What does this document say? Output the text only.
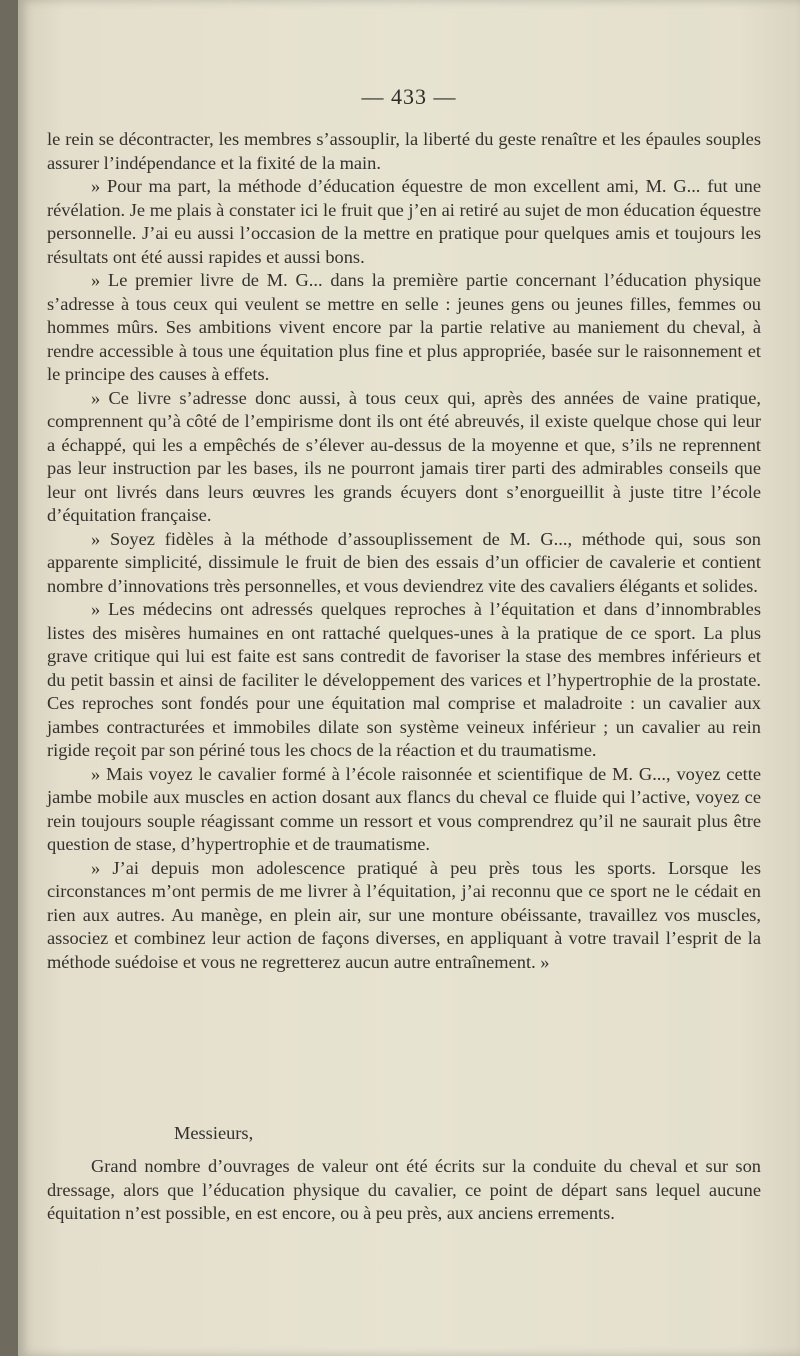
— 433 —

le rein se décontracter, les membres s’assouplir, la liberté du geste renaître et les épaules souples assurer l’indépendance et la fixité de la main.

» Pour ma part, la méthode d’éducation équestre de mon excellent ami, M. G... fut une révélation. Je me plais à constater ici le fruit que j’en ai retiré au sujet de mon éducation équestre personnelle. J’ai eu aussi l’occasion de la mettre en pratique pour quelques amis et toujours les résultats ont été aussi rapides et aussi bons.

» Le premier livre de M. G... dans la première partie concernant l’éducation physique s’adresse à tous ceux qui veulent se mettre en selle : jeunes gens ou jeunes filles, femmes ou hommes mûrs. Ses ambitions vivent encore par la partie relative au maniement du cheval, à rendre accessible à tous une équitation plus fine et plus appropriée, basée sur le raisonnement et le principe des causes à effets.

» Ce livre s’adresse donc aussi, à tous ceux qui, après des années de vaine pratique, comprennent qu’à côté de l’empirisme dont ils ont été abreuvés, il existe quelque chose qui leur a échappé, qui les a empêchés de s’élever au-dessus de la moyenne et que, s’ils ne reprennent pas leur instruction par les bases, ils ne pourront jamais tirer parti des admirables conseils que leur ont livrés dans leurs œuvres les grands écuyers dont s’enorgueillit à juste titre l’école d’équitation française.

» Soyez fidèles à la méthode d’assouplissement de M. G..., méthode qui, sous son apparente simplicité, dissimule le fruit de bien des essais d’un officier de cavalerie et contient nombre d’innovations très personnelles, et vous deviendrez vite des cavaliers élégants et solides.

» Les médecins ont adressés quelques reproches à l’équitation et dans d’innombrables listes des misères humaines en ont rattaché quelques-unes à la pratique de ce sport. La plus grave critique qui lui est faite est sans contredit de favoriser la stase des membres inférieurs et du petit bassin et ainsi de faciliter le développement des varices et l’hypertrophie de la prostate. Ces reproches sont fondés pour une équitation mal comprise et maladroite : un cavalier aux jambes contracturées et immobiles dilate son système veineux inférieur ; un cavalier au rein rigide reçoit par son périné tous les chocs de la réaction et du traumatisme.

» Mais voyez le cavalier formé à l’école raisonnée et scientifique de M. G..., voyez cette jambe mobile aux muscles en action dosant aux flancs du cheval ce fluide qui l’active, voyez ce rein toujours souple réagissant comme un ressort et vous comprendrez qu’il ne saurait plus être question de stase, d’hypertrophie et de traumatisme.

» J’ai depuis mon adolescence pratiqué à peu près tous les sports. Lorsque les circonstances m’ont permis de me livrer à l’équitation, j’ai reconnu que ce sport ne le cédait en rien aux autres. Au manège, en plein air, sur une monture obéissante, travaillez vos muscles, associez et combinez leur action de façons diverses, en appliquant à votre travail l’esprit de la méthode suédoise et vous ne regretterez aucun autre entraînement. »

Messieurs,

Grand nombre d’ouvrages de valeur ont été écrits sur la conduite du cheval et sur son dressage, alors que l’éducation physique du cavalier, ce point de départ sans lequel aucune équitation n’est possible, en est encore, ou à peu près, aux anciens errements.
